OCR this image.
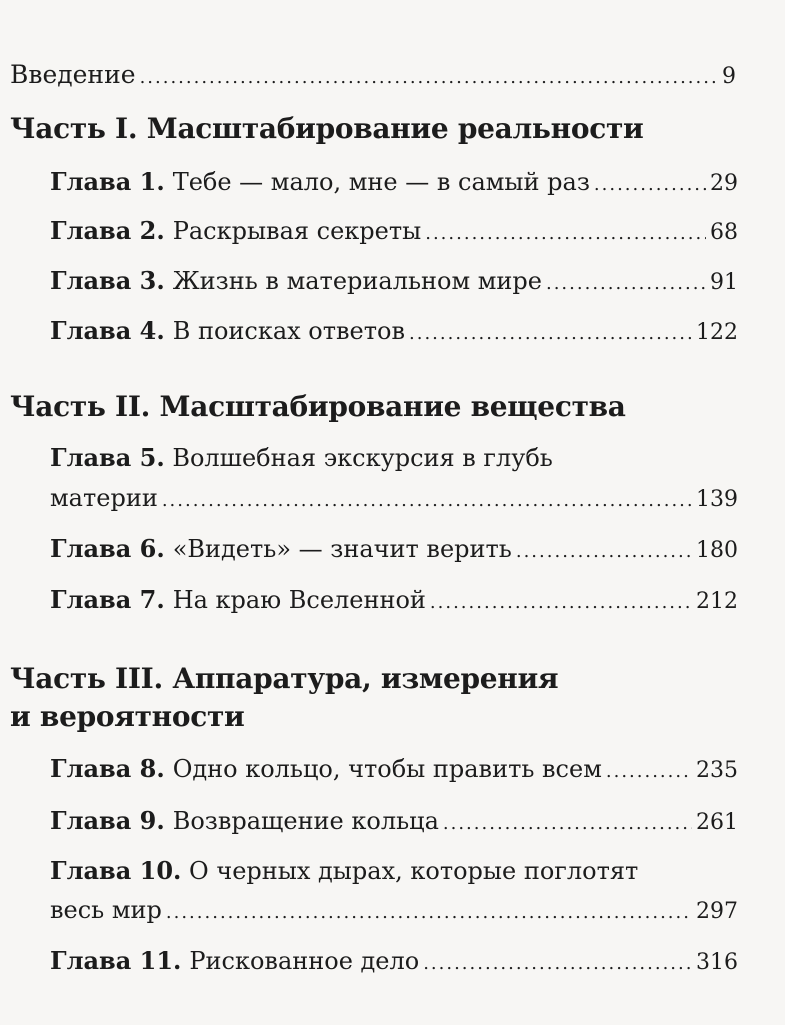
Введение .....	9
Часть I. Масштабирование реальности
Глава 1. Тебе — мало, мне — в самый раз .....	29
Глава 2. Раскрывая секреты .....	68
Глава 3. Жизнь в материальном мире .....	91
Глава 4. В поисках ответов .....	122
Часть II. Масштабирование вещества
Глава 5. Волшебная экскурсия в глубь
материи .....	139
Глава 6. «Видеть» — значит верить .....	180
Глава 7. На краю Вселенной .....	212
Часть III. Аппаратура, измерения
и вероятности
Глава 8. Одно кольцо, чтобы править всем .....	235
Глава 9. Возвращение кольца .....	261
Глава 10. О черных дырах, которые поглотят
весь мир .....	297
Глава 11. Рискованное дело .....	316
